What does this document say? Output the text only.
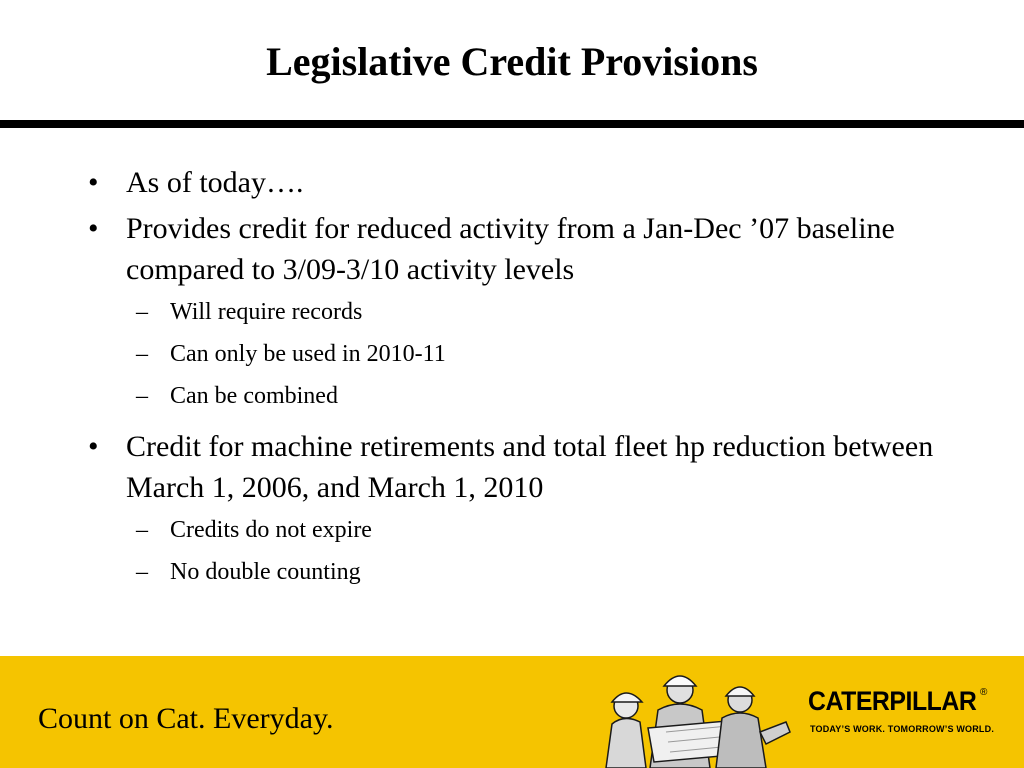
Legislative Credit Provisions
• As of today….
• Provides credit for reduced activity from a Jan-Dec ’07 baseline compared to 3/09-3/10 activity levels
– Will require records
– Can only be used in 2010-11
– Can be combined
• Credit for machine retirements and total fleet hp reduction between March 1, 2006, and March 1, 2010
– Credits do not expire
– No double counting
Count on Cat. Everyday.
CATERPILLAR ®
TODAY’S WORK. TOMORROW’S WORLD.
